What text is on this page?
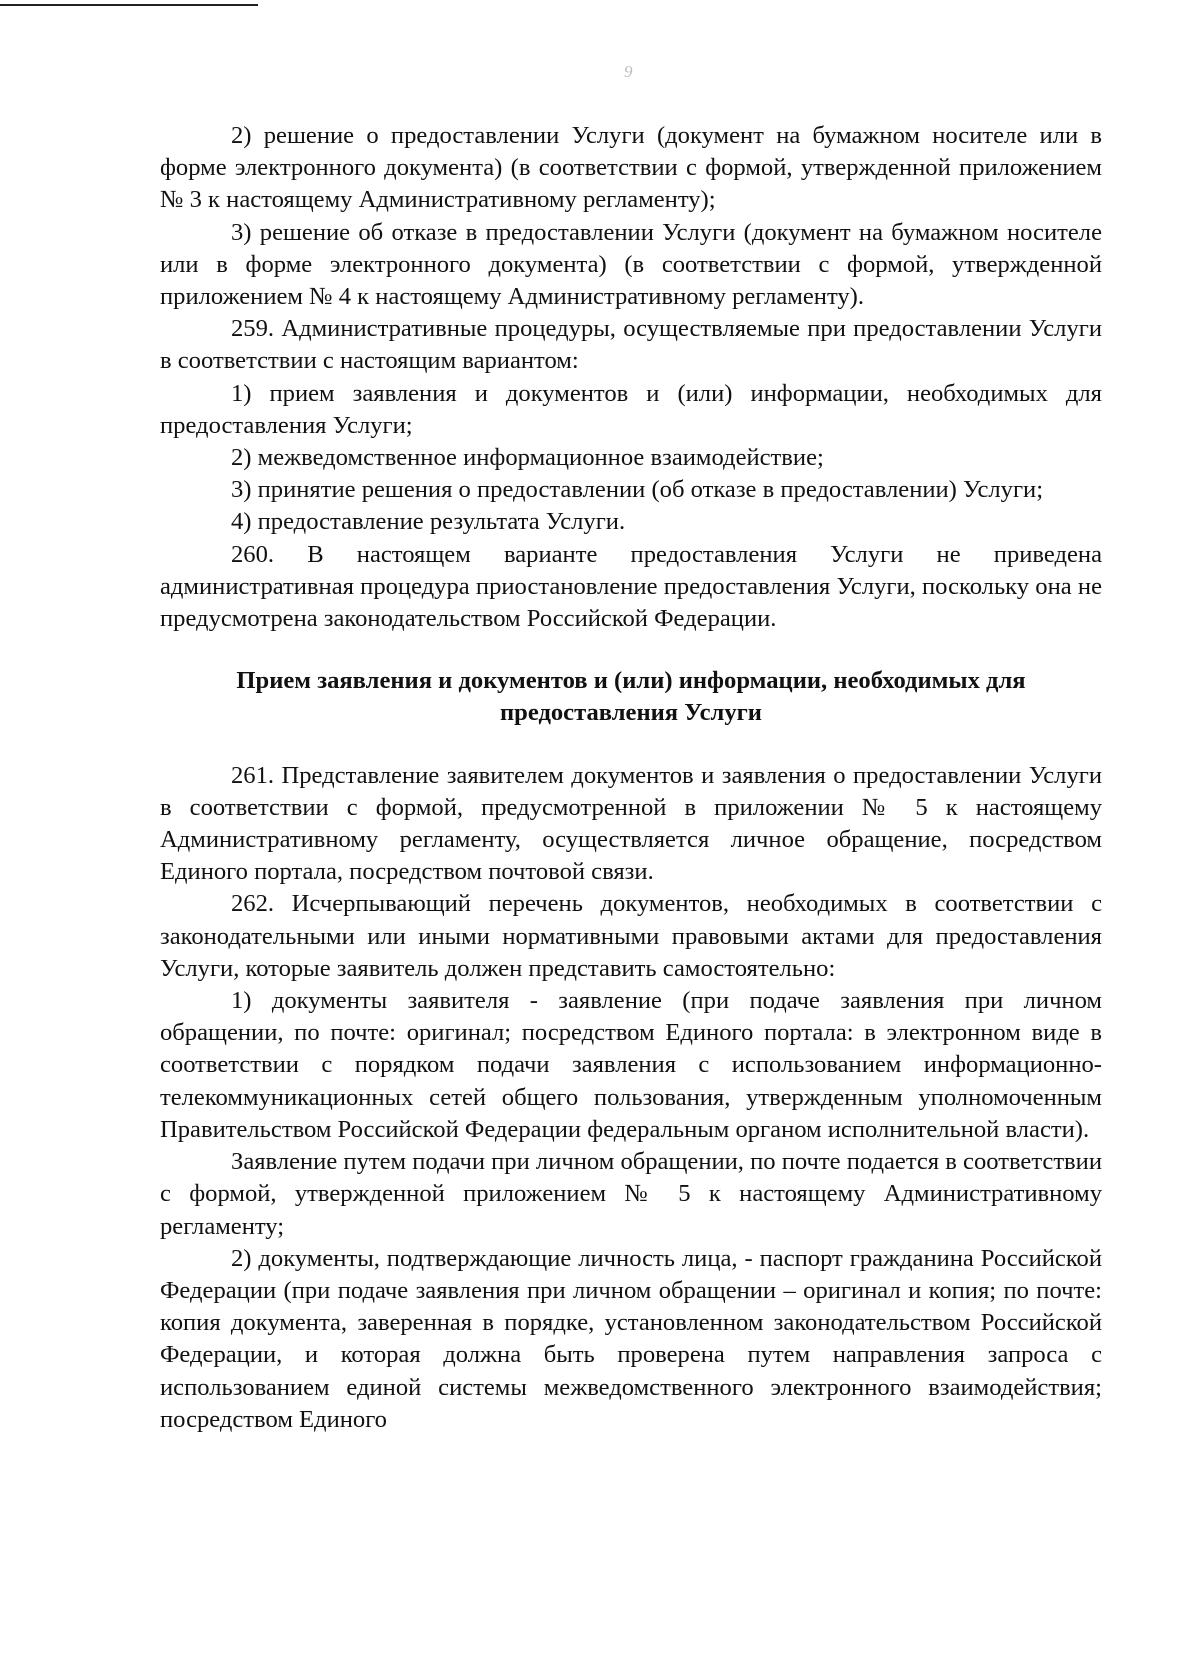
9

2) решение о предоставлении Услуги (документ на бумажном носителе или в форме электронного документа) (в соответствии с формой, утвержденной приложением № 3 к настоящему Административному регламенту);

3) решение об отказе в предоставлении Услуги (документ на бумажном носителе или в форме электронного документа) (в соответствии с формой, утвержденной приложением № 4 к настоящему Административному регламенту).

259. Административные процедуры, осуществляемые при предоставлении Услуги в соответствии с настоящим вариантом:

1) прием заявления и документов и (или) информации, необходимых для предоставления Услуги;

2) межведомственное информационное взаимодействие;

3) принятие решения о предоставлении (об отказе в предоставлении) Услуги;

4) предоставление результата Услуги.

260. В настоящем варианте предоставления Услуги не приведена административная процедура приостановление предоставления Услуги, поскольку она не предусмотрена законодательством Российской Федерации.

Прием заявления и документов и (или) информации, необходимых для
предоставления Услуги

261. Представление заявителем документов и заявления о предоставлении Услуги в соответствии с формой, предусмотренной в приложении № 5 к настоящему Административному регламенту, осуществляется личное обращение, посредством Единого портала, посредством почтовой связи.

262. Исчерпывающий перечень документов, необходимых в соответствии с законодательными или иными нормативными правовыми актами для предоставления Услуги, которые заявитель должен представить самостоятельно:

1) документы заявителя - заявление (при подаче заявления при личном обращении, по почте: оригинал; посредством Единого портала: в электронном виде в соответствии с порядком подачи заявления с использованием информационно-телекоммуникационных сетей общего пользования, утвержденным уполномоченным Правительством Российской Федерации федеральным органом исполнительной власти).

Заявление путем подачи при личном обращении, по почте подается в соответствии с формой, утвержденной приложением № 5 к настоящему Административному регламенту;

2) документы, подтверждающие личность лица, - паспорт гражданина Российской Федерации (при подаче заявления при личном обращении – оригинал и копия; по почте: копия документа, заверенная в порядке, установленном законодательством Российской Федерации, и которая должна быть проверена путем направления запроса с использованием единой системы межведомственного электронного взаимодействия; посредством Единого
